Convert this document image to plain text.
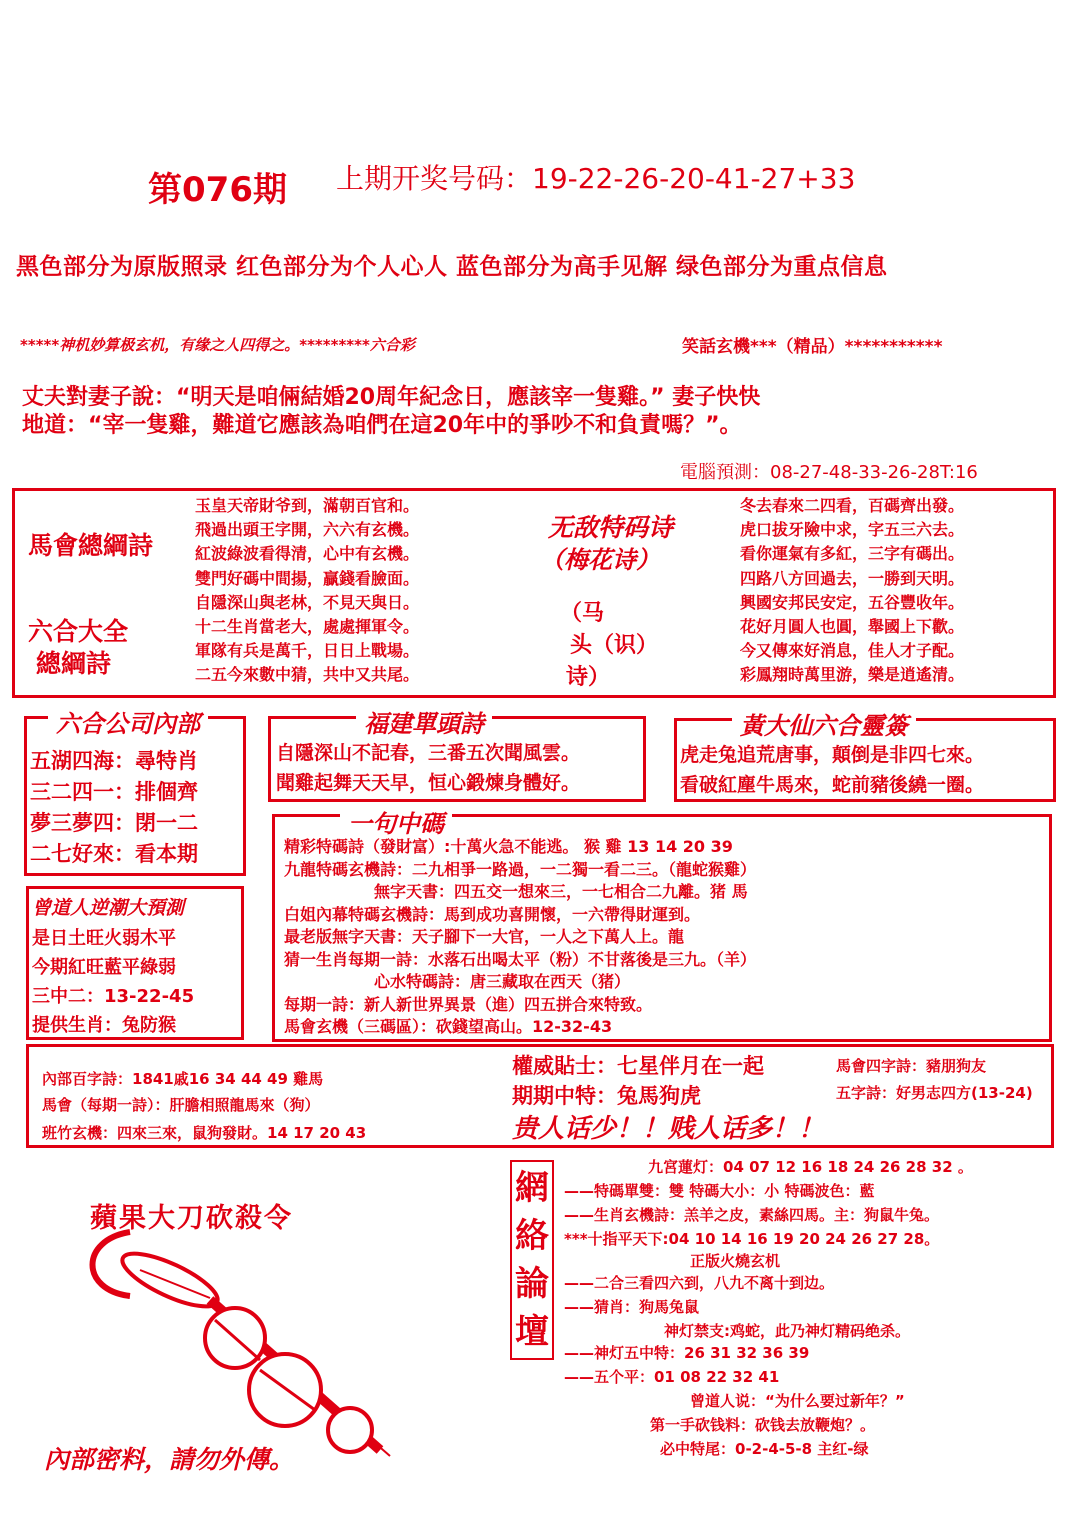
第076期 上期开奖号码：19-22-26-20-41-27+33
黑色部分为原版照录 红色部分为个人心人 蓝色部分为高手见解 绿色部分为重点信息
*****神机妙算极玄机，有缘之人四得之。*********六合彩	笑話玄機***（精品）***********
丈夫對妻子說：“明天是咱倆結婚20周年紀念日，應該宰一隻雞。” 妻子快快
地道：“宰一隻雞，難道它應該為咱們在這20年中的爭吵不和負責嗎？”。
電腦預測：08-27-48-33-26-28T:16
馬會總綱詩
六合大全
總綱詩
玉皇天帝財爷到，滿朝百官和。
飛過出頭王字開，六六有玄機。
紅波綠波看得清，心中有玄機。
雙門好碼中間揚，贏錢看臉面。
自隱深山與老林，不見天與日。
十二生肖當老大，處處揮軍令。
軍隊有兵是萬千，日日上戰場。
二五今來數中猜，共中又共尾。
无敌特码诗
（梅花诗）
（马
头（识）
诗）
冬去春來二四看，百碼齊出發。
虎口拔牙險中求，字五三六去。
看你運氣有多紅，三字有碼出。
四路八方回過去，一勝到天明。
興國安邦民安定，五谷豐收年。
花好月圓人也圓，舉國上下歡。
今又傳來好消息，佳人才子配。
彩鳳翔時萬里游，樂是逍遙清。
六合公司內部
五湖四海：尋特肖
三二四一：排個齊
夢三夢四：閉一二
二七好來：看本期
福建單頭詩
自隱深山不記春，三番五次聞風雲。
聞雞起舞天天早，恒心鍛煉身體好。
黃大仙六合靈簽
虎走兔追荒唐事，顛倒是非四七來。
看破紅塵牛馬來，蛇前豬後繞一圈。
曾道人逆潮大預測
是日土旺火弱木平
今期紅旺藍平綠弱
三中二：13-22-45
提供生肖：兔防猴
一句中碼
精彩特碼詩（發財富）:十萬火急不能逃。 猴 雞 13 14 20 39
九龍特碼玄機詩：二九相爭一路過，一二獨一看二三。（龍蛇猴雞）
無字天書：四五交一想來三，一七相合二九離。猪 馬
白姐內幕特碼玄機詩：馬到成功喜開懷，一六帶得財運到。
最老版無字天書：天子腳下一大官，一人之下萬人上。龍
猜一生肖每期一詩：水落石出喝太平（粉）不甘落後是三九。（羊）
心水特碼詩：唐三藏取在西天（猪）
每期一詩：新人新世界異景（進）四五拼合來特致。
馬會玄機（三碼區）：砍錢望高山。12-32-43
內部百字詩：1841戚16 34 44 49 雞馬
馬會（每期一詩）：肝膽相照龍馬來（狗）
班竹玄機：四來三來，鼠狗發財。14 17 20 43
權威貼士：七星伴月在一起	馬會四字詩：豬朋狗友
期期中特：兔馬狗虎	五字詩：好男志四方(13-24)
贵人话少！！贱人话多！！
蘋果大刀砍殺令
內部密料，請勿外傳。
網
絡
論
壇
九宮蓮灯：04 07 12 16 18 24 26 28 32 。
——特碼單雙：雙 特碼大小：小 特碼波色：藍
——生肖玄機詩：羔羊之皮，素絲四馬。主：狗鼠牛兔。
***十指平天下:04 10 14 16 19 20 24 26 27 28。
正版火燒玄机
——二合三看四六到，八九不离十到边。
——猜肖：狗馬兔鼠
神灯禁支:鸡蛇，此乃神灯精码绝杀。
——神灯五中特：26 31 32 36 39
——五个平：01 08 22 32 41
曾道人说：“为什么要过新年？”
第一手砍钱料：砍钱去放鞭炮？。
必中特尾：0-2-4-5-8 主红-绿
